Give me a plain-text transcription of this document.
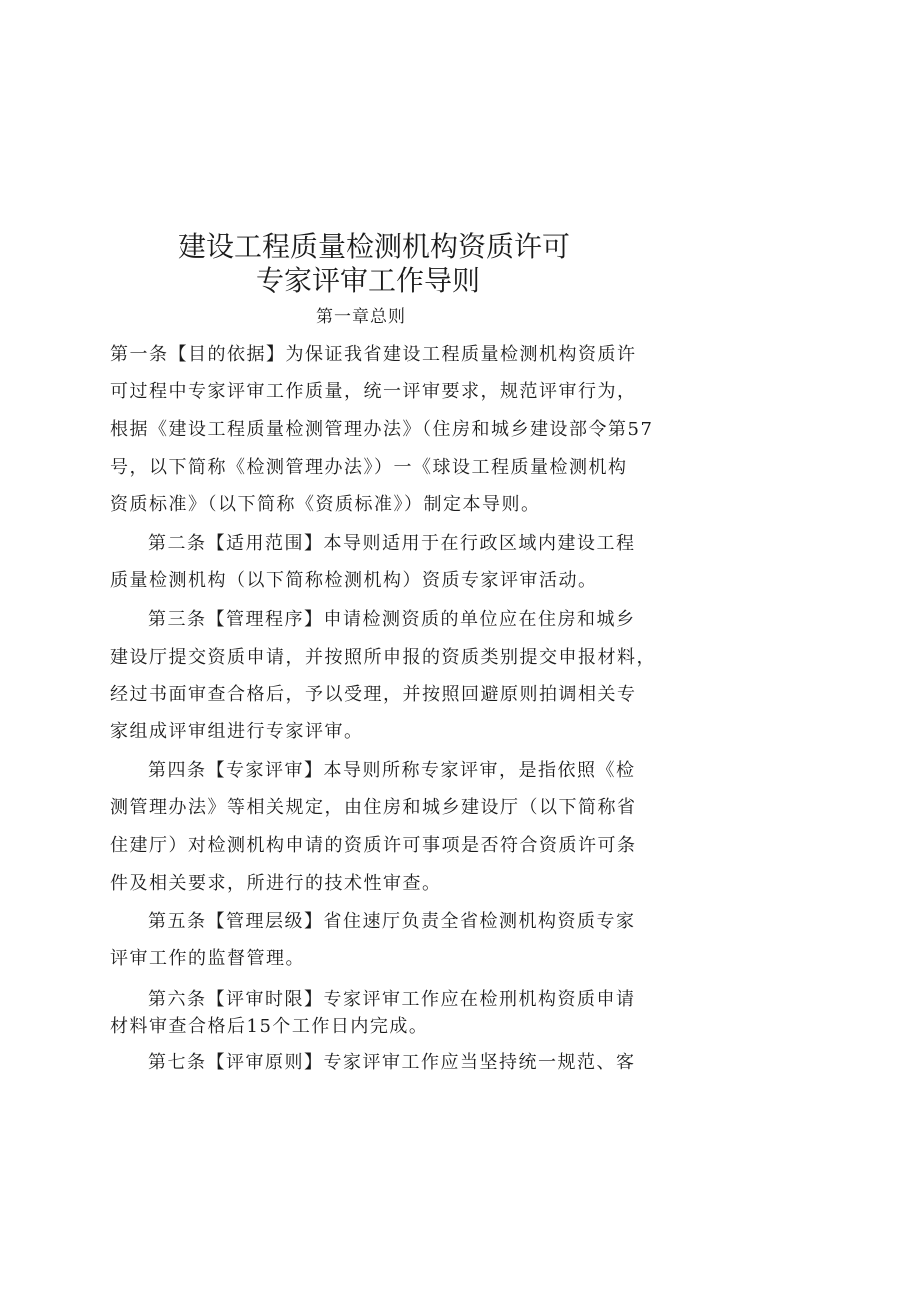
建设工程质量检测机构资质许可
专家评审工作导则
第一章总则
第一条【目的依据】为保证我省建设工程质量检测机构资质许
可过程中专家评审工作质量，统一评审要求，规范评审行为，
根据《建设工程质量检测管理办法》（住房和城乡建设部令第57
号，以下简称《检测管理办法》）一《球设工程质量检测机构
资质标准》（以下简称《资质标准》）制定本导则。
第二条【适用范围】本导则适用于在行政区域内建设工程
质量检测机构（以下简称检测机构）资质专家评审活动。
第三条【管理程序】申请检测资质的单位应在住房和城乡
建设厅提交资质申请，并按照所申报的资质类别提交申报材料，
经过书面审查合格后，予以受理，并按照回避原则拍调相关专
家组成评审组进行专家评审。
第四条【专家评审】本导则所称专家评审，是指依照《检
测管理办法》等相关规定，由住房和城乡建设厅（以下简称省
住建厅）对检测机构申请的资质许可事项是否符合资质许可条
件及相关要求，所进行的技术性审查。
第五条【管理层级】省住速厅负责全省检测机构资质专家
评审工作的监督管理。
第六条【评审时限】专家评审工作应在检刑机构资质申请
材料审查合格后15个工作日内完成。
第七条【评审原则】专家评审工作应当坚持统一规范、客
